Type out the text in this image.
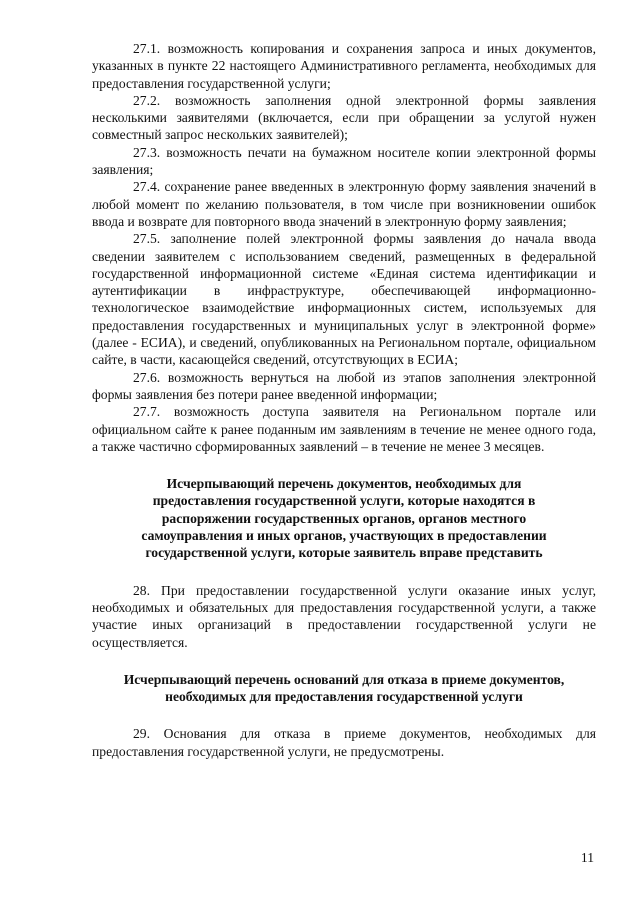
27.1. возможность копирования и сохранения запроса и иных документов, указанных в пункте 22 настоящего Административного регламента, необходимых для предоставления государственной услуги;

27.2. возможность заполнения одной электронной формы заявления несколькими заявителями (включается, если при обращении за услугой нужен совместный запрос нескольких заявителей);

27.3. возможность печати на бумажном носителе копии электронной формы заявления;

27.4. сохранение ранее введенных в электронную форму заявления значений в любой момент по желанию пользователя, в том числе при возникновении ошибок ввода и возврате для повторного ввода значений в электронную форму заявления;

27.5. заполнение полей электронной формы заявления до начала ввода сведении заявителем с использованием сведений, размещенных в федеральной государственной информационной системе «Единая система идентификации и аутентификации в инфраструктуре, обеспечивающей информационно-технологическое взаимодействие информационных систем, используемых для предоставления государственных и муниципальных услуг в электронной форме» (далее - ЕСИА), и сведений, опубликованных на Региональном портале, официальном сайте, в части, касающейся сведений, отсутствующих в ЕСИА;

27.6. возможность вернуться на любой из этапов заполнения электронной формы заявления без потери ранее введенной информации;

27.7. возможность доступа заявителя на Региональном портале или официальном сайте к ранее поданным им заявлениям в течение не менее одного года, а также частично сформированных заявлений – в течение не менее 3 месяцев.

Исчерпывающий перечень документов, необходимых для предоставления государственной услуги, которые находятся в распоряжении государственных органов, органов местного самоуправления и иных органов, участвующих в предоставлении государственной услуги, которые заявитель вправе представить

28. При предоставлении государственной услуги оказание иных услуг, необходимых и обязательных для предоставления государственной услуги, а также участие иных организаций в предоставлении государственной услуги не осуществляется.

Исчерпывающий перечень оснований для отказа в приеме документов, необходимых для предоставления государственной услуги

29. Основания для отказа в приеме документов, необходимых для предоставления государственной услуги, не предусмотрены.

11
